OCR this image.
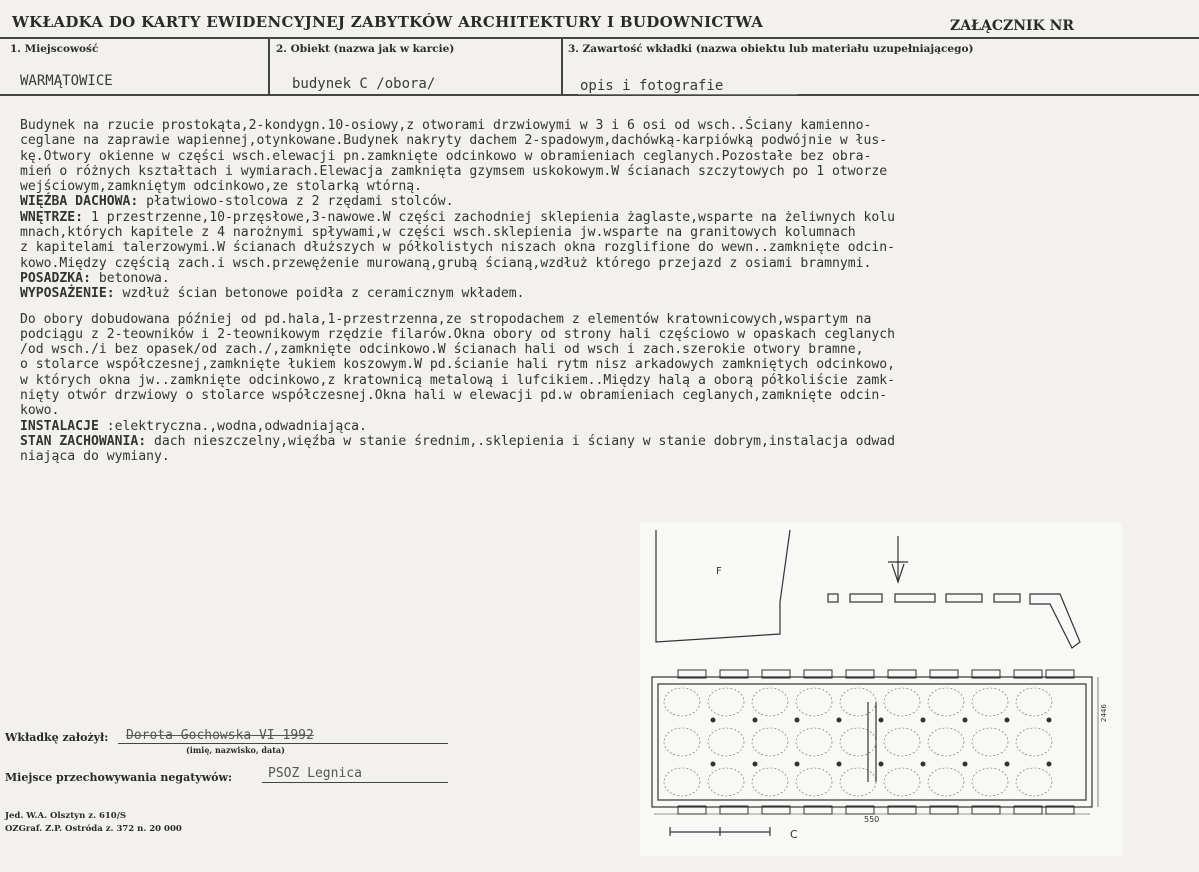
WKŁADKA DO KARTY EWIDENCYJNEJ ZABYTKÓW ARCHITEKTURY I BUDOWNICTWA	ZAŁĄCZNIK NR
1. Miejscowość
WARMĄTOWICE
2. Obiekt (nazwa jak w karcie)
budynek C /obora/
3. Zawartość wkładki (nazwa obiektu lub materiału uzupełniającego)
opis i fotografie
Budynek na rzucie prostokąta,2-kondygn.10-osiowy,z otworami drzwiowymi w 3 i 6 osi od wsch..Ściany kamienno-
ceglane na zaprawie wapiennej,otynkowane.Budynek nakryty dachem 2-spadowym,dachówką-karpiówką podwójnie w łus-
kę.Otwory okienne w części wsch.elewacji pn.zamknięte odcinkowo w obramieniach ceglanych.Pozostałe bez obra-
mień o różnych kształtach i wymiarach.Elewacja zamknięta gzymsem uskokowym.W ścianach szczytowych po 1 otworze
wejściowym,zamkniętym odcinkowo,ze stolarką wtórną.
WIĘŹBA DACHOWA: płatwiowo-stolcowa z 2 rzędami stolców.
WNĘTRZE: 1 przestrzenne,10-przęsłowe,3-nawowe.W części zachodniej sklepienia żaglaste,wsparte na żeliwnych kolu
mnach,których kapitele z 4 narożnymi spływami,w części wsch.sklepienia jw.wsparte na granitowych kolumnach
z kapitelami talerzowymi.W ścianach dłuższych w półkolistych niszach okna rozglifione do wewn..zamknięte odcin-
kowo.Między częścią zach.i wsch.przewężenie murowaną,grubą ścianą,wzdłuż którego przejazd z osiami bramnymi.
POSADZKA: betonowa.
WYPOSAŻENIE: wzdłuż ścian betonowe poidła z ceramicznym wkładem.
Do obory dobudowana później od pd.hala,1-przestrzenna,ze stropodachem z elementów kratownicowych,wspartym na
podciągu z 2-teowników i 2-teownikowym rzędzie filarów.Okna obory od strony hali częściowo w opaskach ceglanych
/od wsch./i bez opasek/od zach./,zamknięte odcinkowo.W ścianach hali od wsch i zach.szerokie otwory bramne,
o stolarce współczesnej,zamknięte łukiem koszowym.W pd.ścianie hali rytm nisz arkadowych zamkniętych odcinkowo,
w których okna jw..zamknięte odcinkowo,z kratownicą metalową i lufcikiem..Między halą a oborą półkoliście zamk-
nięty otwór drzwiowy o stolarce współczesnej.Okna hali w elewacji pd.w obramieniach ceglanych,zamknięte odcin-
kowo.
INSTALACJE :elektryczna.,wodna,odwadniająca.
STAN ZACHOWANIA: dach nieszczelny,więźba w stanie średnim,.sklepienia i ściany w stanie dobrym,instalacja odwad
niająca do wymiany.
F
550
2446
C
Wkładkę założył: Dorota Gochowska VI 1992
(imię, nazwisko, data)
Miejsce przechowywania negatywów:	PSOZ Legnica
Jed. W.A. Olsztyn z. 610/S
OZGraf. Z.P. Ostróda z. 372 n. 20 000
